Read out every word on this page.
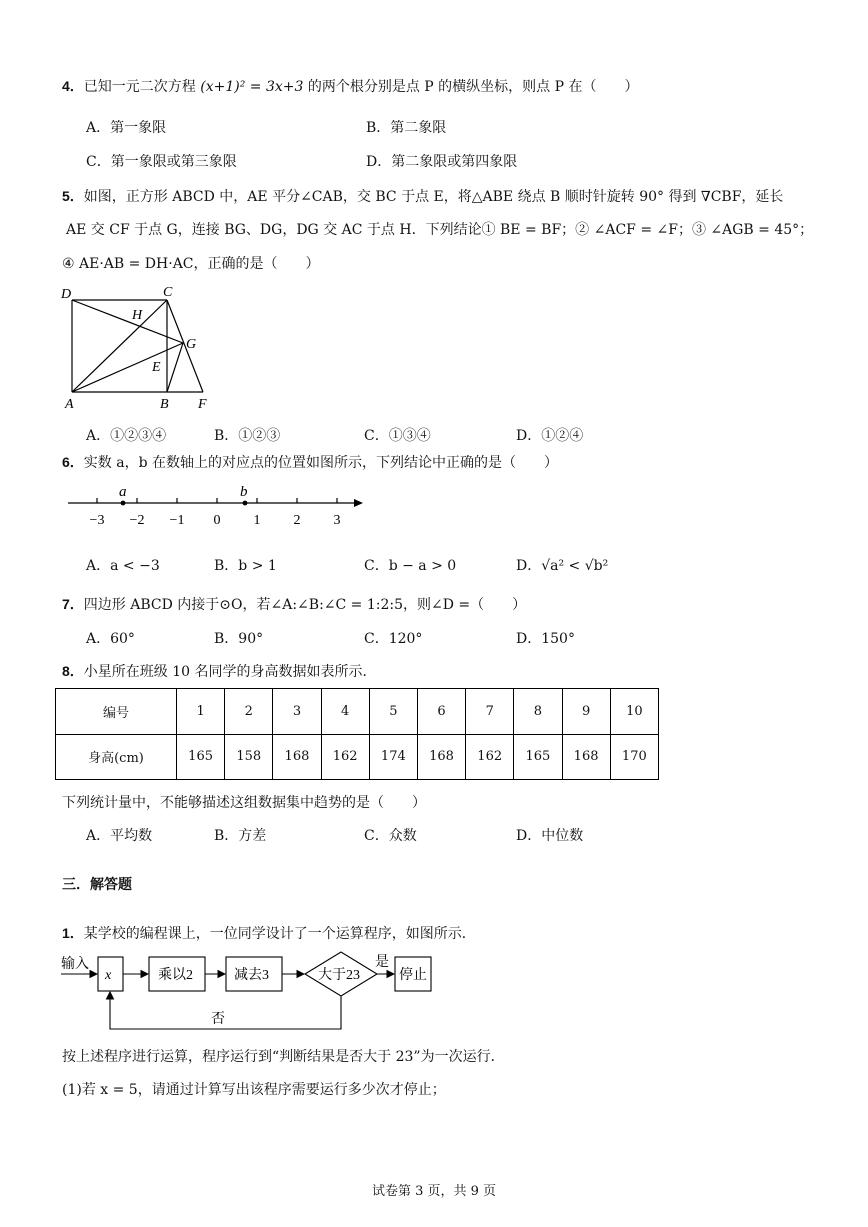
4．已知一元二次方程 (x+1)² = 3x+3 的两个根分别是点 P 的横纵坐标，则点 P 在（　　）
A．第一象限	B．第二象限
C．第一象限或第三象限	D．第二象限或第四象限
5．如图，正方形 ABCD 中，AE 平分∠CAB，交 BC 于点 E，将△ABE 绕点 B 顺时针旋转 90° 得到 ∇CBF，延长
AE 交 CF 于点 G，连接 BG、DG，DG 交 AC 于点 H．下列结论① BE = BF；② ∠ACF = ∠F；③ ∠AGB = 45°；
④ AE·AB = DH·AC，正确的是（　　）
D	C
H
G
E
A	B F
A．①②③④	B．①②③	C．①③④	D．①②④
6．实数 a，b 在数轴上的对应点的位置如图所示，下列结论中正确的是（　　）
a	b
−3 −2 −1 0 1 2 3
A．a < −3	B．b > 1	C．b − a > 0	D．√a² < √b²
7．四边形 ABCD 内接于⊙O，若∠A:∠B:∠C = 1:2:5，则∠D =（　　）
A．60°	B．90°	C．120°	D．150°
8．小星所在班级 10 名同学的身高数据如表所示．
编号	1	2	3	4	5	6	7	8	9	10
身高(cm)	165	158	168	162	174	168	162	165	168	170
下列统计量中，不能够描述这组数据集中趋势的是（　　）
A．平均数	B．方差	C．众数	D．中位数
三．解答题
1．某学校的编程课上，一位同学设计了一个运算程序，如图所示．
输入
x	乘以2	减去3	大于23
是
停止
否
按上述程序进行运算，程序运行到“判断结果是否大于 23”为一次运行．
(1)若 x = 5，请通过计算写出该程序需要运行多少次才停止；
试卷第 3 页，共 9 页
